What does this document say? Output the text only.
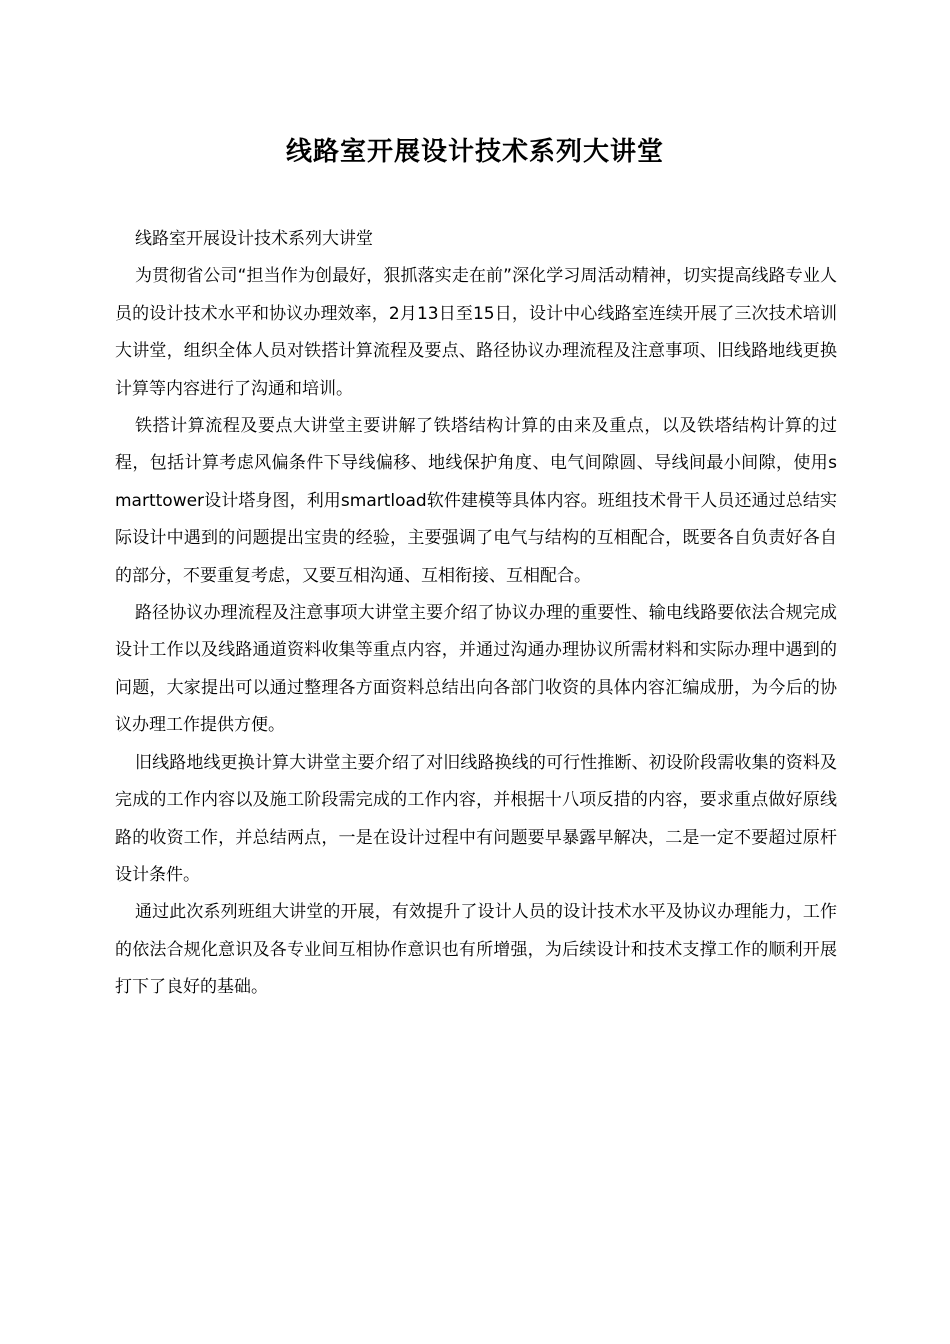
线路室开展设计技术系列大讲堂

线路室开展设计技术系列大讲堂

为贯彻省公司“担当作为创最好，狠抓落实走在前”深化学习周活动精神，切实提高线路专业人员的设计技术水平和协议办理效率，2月13日至15日，设计中心线路室连续开展了三次技术培训大讲堂，组织全体人员对铁搭计算流程及要点、路径协议办理流程及注意事项、旧线路地线更换计算等内容进行了沟通和培训。

铁搭计算流程及要点大讲堂主要讲解了铁塔结构计算的由来及重点，以及铁塔结构计算的过程，包括计算考虑风偏条件下导线偏移、地线保护角度、电气间隙圆、导线间最小间隙，使用smarttower设计塔身图，利用smartload软件建模等具体内容。班组技术骨干人员还通过总结实际设计中遇到的问题提出宝贵的经验，主要强调了电气与结构的互相配合，既要各自负责好各自的部分，不要重复考虑，又要互相沟通、互相衔接、互相配合。

路径协议办理流程及注意事项大讲堂主要介绍了协议办理的重要性、输电线路要依法合规完成设计工作以及线路通道资料收集等重点内容，并通过沟通办理协议所需材料和实际办理中遇到的问题，大家提出可以通过整理各方面资料总结出向各部门收资的具体内容汇编成册，为今后的协议办理工作提供方便。

旧线路地线更换计算大讲堂主要介绍了对旧线路换线的可行性推断、初设阶段需收集的资料及完成的工作内容以及施工阶段需完成的工作内容，并根据十八项反措的内容，要求重点做好原线路的收资工作，并总结两点，一是在设计过程中有问题要早暴露早解决，二是一定不要超过原杆设计条件。

通过此次系列班组大讲堂的开展，有效提升了设计人员的设计技术水平及协议办理能力，工作的依法合规化意识及各专业间互相协作意识也有所增强，为后续设计和技术支撑工作的顺利开展打下了良好的基础。
